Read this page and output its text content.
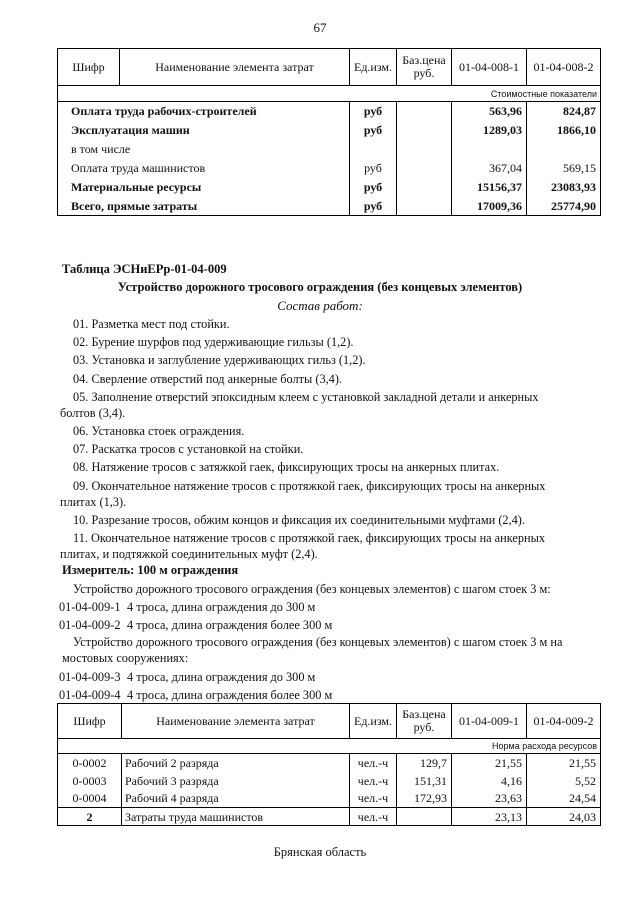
67
Шифр	Наименование элемента затрат	Ед.изм.	Баз.цена руб.	01-04-008-1	01-04-008-2
Стоимостные показатели
Оплата труда рабочих-строителей	руб		563,96	824,87
Эксплуатация машин	руб		1289,03	1866,10
в том числе				
Оплата труда машинистов	руб		367,04	569,15
Материальные ресурсы	руб		15156,37	23083,93
Всего, прямые затраты	руб		17009,36	25774,90
Таблица ЭСНиЕРр-01-04-009
Устройство дорожного тросового ограждения (без концевых элементов)
Состав работ:
01. Разметка мест под стойки.
02. Бурение шурфов под удерживающие гильзы (1,2).
03. Установка и заглубление удерживающих гильз (1,2).
04. Сверление отверстий под анкерные болты (3,4).
05. Заполнение отверстий эпоксидным клеем с установкой закладной детали и анкерных
болтов (3,4).
06. Установка стоек ограждения.
07. Раскатка тросов с установкой на стойки.
08. Натяжение тросов с затяжкой гаек, фиксирующих тросы на анкерных плитах.
09. Окончательное натяжение тросов с протяжкой гаек, фиксирующих тросы на анкерных
плитах (1,3).
10. Разрезание тросов, обжим концов и фиксация их соединительными муфтами (2,4).
11. Окончательное натяжение тросов с протяжкой гаек, фиксирующих тросы на анкерных
плитах, и подтяжкой соединительных муфт (2,4).
Измеритель: 100 м ограждения
Устройство дорожного тросового ограждения (без концевых элементов) с шагом стоек 3 м:
01-04-009-1 4 троса, длина ограждения до 300 м
01-04-009-2 4 троса, длина ограждения более 300 м
Устройство дорожного тросового ограждения (без концевых элементов) с шагом стоек 3 м на
мостовых сооружениях:
01-04-009-3 4 троса, длина ограждения до 300 м
01-04-009-4 4 троса, длина ограждения более 300 м
Шифр	Наименование элемента затрат	Ед.изм.	Баз.цена руб.	01-04-009-1	01-04-009-2
				Норма расхода ресурсов	
0-0002	Рабочий 2 разряда	чел.-ч	129,7	21,55	21,55
0-0003	Рабочий 3 разряда	чел.-ч	151,31	4,16	5,52
0-0004	Рабочий 4 разряда	чел.-ч	172,93	23,63	24,54
2	Затраты труда машинистов	чел.-ч		23,13	24,03
Брянская область
